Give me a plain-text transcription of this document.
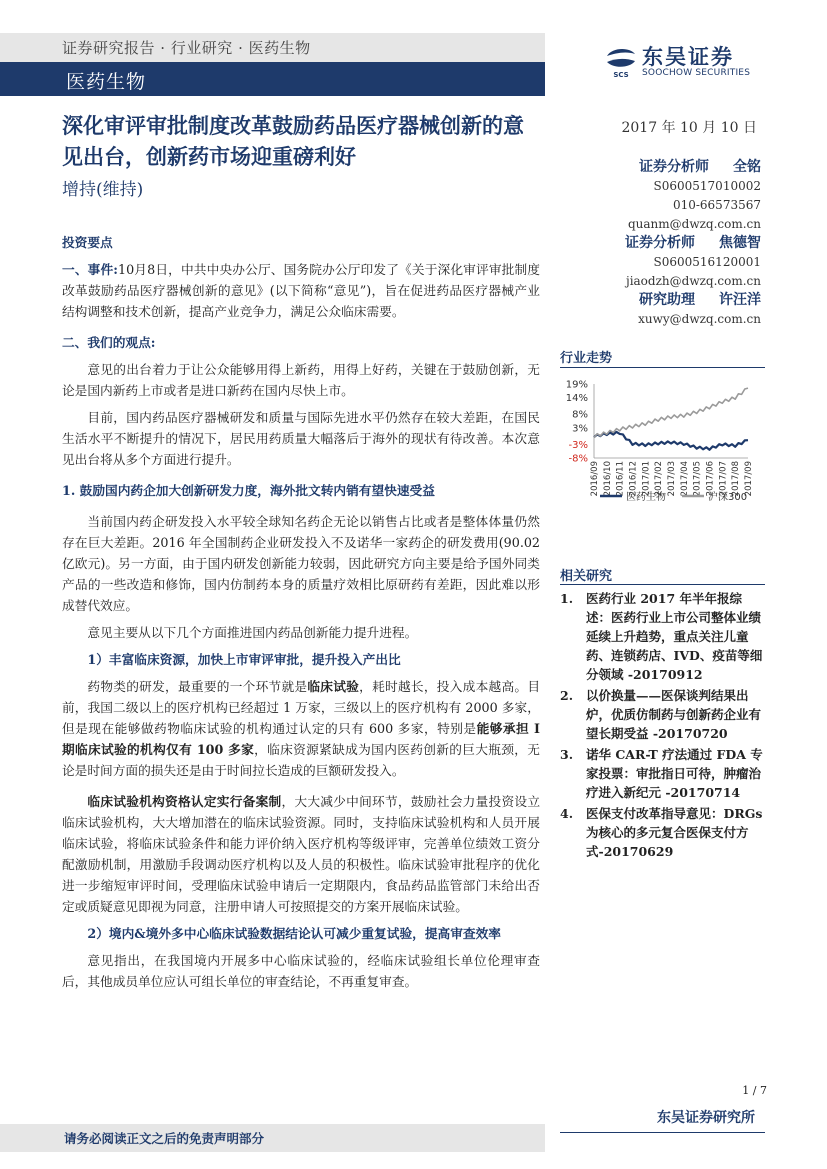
证券研究报告 · 行业研究 · 医药生物
医药生物	SCS
东吴证券
SOOCHOW SECURITIES
深化审评审批制度改革鼓励药品医疗器械创新的意见出台，创新药市场迎重磅利好
增持(维持)
2017 年 10 月 10 日
证券分析师 全铭
S0600517010002
010-66573567
quanm@dwzq.com.cn
证券分析师 焦德智
S0600516120001
jiaodzh@dwzq.com.cn
研究助理 许汪洋
xuwy@dwzq.com.cn

投资要点

一、事件:10月8日，中共中央办公厅、国务院办公厅印发了《关于深化审评审批制度改革鼓励药品医疗器械创新的意见》(以下简称“意见”)，旨在促进药品医疗器械产业结构调整和技术创新，提高产业竞争力，满足公众临床需要。

二、我们的观点:

意见的出台着力于让公众能够用得上新药，用得上好药，关键在于鼓励创新，无论是国内新药上市或者是进口新药在国内尽快上市。

目前，国内药品医疗器械研发和质量与国际先进水平仍然存在较大差距，在国民生活水平不断提升的情况下，居民用药质量大幅落后于海外的现状有待改善。本次意见出台将从多个方面进行提升。

1. 鼓励国内药企加大创新研发力度，海外批文转内销有望快速受益

当前国内药企研发投入水平较全球知名药企无论以销售占比或者是整体体量仍然存在巨大差距。2016 年全国制药企业研发投入不及诺华一家药企的研发费用(90.02 亿欧元)。另一方面，由于国内研发创新能力较弱，因此研究方向主要是给予国外同类产品的一些改造和修饰，国内仿制药本身的质量疗效相比原研药有差距，因此难以形成替代效应。

意见主要从以下几个方面推进国内药品创新能力提升进程。

1）丰富临床资源，加快上市审评审批，提升投入产出比

药物类的研发，最重要的一个环节就是临床试验，耗时越长，投入成本越高。目前，我国二级以上的医疗机构已经超过 1 万家，三级以上的医疗机构有 2000 多家，但是现在能够做药物临床试验的机构通过认定的只有 600 多家，特别是能够承担 I 期临床试验的机构仅有 100 多家，临床资源紧缺成为国内医药创新的巨大瓶颈，无论是时间方面的损失还是由于时间拉长造成的巨额研发投入。

临床试验机构资格认定实行备案制，大大减少中间环节，鼓励社会力量投资设立临床试验机构，大大增加潜在的临床试验资源。同时，支持临床试验机构和人员开展临床试验，将临床试验条件和能力评价纳入医疗机构等级评审，完善单位绩效工资分配激励机制，用激励手段调动医疗机构以及人员的积极性。临床试验审批程序的优化进一步缩短审评时间，受理临床试验申请后一定期限内，食品药品监管部门未给出否定或质疑意见即视为同意，注册申请人可按照提交的方案开展临床试验。

2）境内&境外多中心临床试验数据结论认可减少重复试验，提高审查效率

意见指出，在我国境内开展多中心临床试验的，经临床试验组长单位伦理审查后，其他成员单位应认可组长单位的审查结论，不再重复审查。

行业走势
19%
14%
8%
3%
-3%
-8%
2016/09 2016/10 2016/11 2016/12 2017/01 2017/02 2017/03 2017/04 2017/05 2017/06 2017/07 2017/08 2017/09
医药生物	沪深300
相关研究
1. 医药行业 2017 年半年报综述：医药行业上市公司整体业绩延续上升趋势，重点关注儿童药、连锁药店、IVD、疫苗等细分领域 -20170912
2. 以价换量——医保谈判结果出炉，优质仿制药与创新药企业有望长期受益 -20170720
3. 诺华 CAR-T 疗法通过 FDA 专家投票：审批指日可待，肿瘤治疗进入新纪元 -20170714
4. 医保支付改革指导意见：DRGs 为核心的多元复合医保支付方式-20170629
1 / 7
请务必阅读正文之后的免责声明部分
东吴证券研究所
